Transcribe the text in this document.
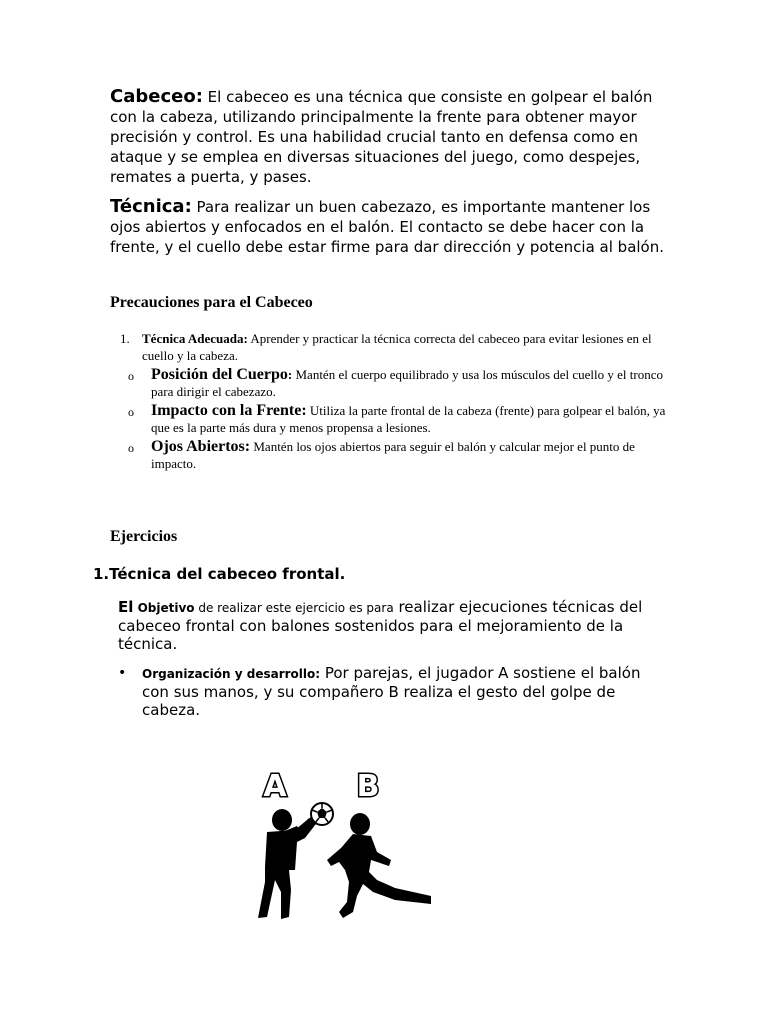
Cabeceo: El cabeceo es una técnica que consiste en golpear el balón con la cabeza, utilizando principalmente la frente para obtener mayor precisión y control. Es una habilidad crucial tanto en defensa como en ataque y se emplea en diversas situaciones del juego, como despejes, remates a puerta, y pases.
Técnica: Para realizar un buen cabezazo, es importante mantener los ojos abiertos y enfocados en el balón. El contacto se debe hacer con la frente, y el cuello debe estar firme para dar dirección y potencia al balón.
Precauciones para el Cabeceo
1. Técnica Adecuada: Aprender y practicar la técnica correcta del cabeceo para evitar lesiones en el cuello y la cabeza.
o	Posición del Cuerpo: Mantén el cuerpo equilibrado y usa los músculos del cuello y el tronco para dirigir el cabezazo.
o	Impacto con la Frente: Utiliza la parte frontal de la cabeza (frente) para golpear el balón, ya que es la parte más dura y menos propensa a lesiones.
o	Ojos Abiertos: Mantén los ojos abiertos para seguir el balón y calcular mejor el punto de impacto.
Ejercicios
1.Técnica del cabeceo frontal.
El Objetivo de realizar este ejercicio es para realizar ejecuciones técnicas del cabeceo frontal con balones sostenidos para el mejoramiento de la técnica.
•	Organización y desarrollo: Por parejas, el jugador A sostiene el balón con sus manos, y su compañero B realiza el gesto del golpe de cabeza.
A B
